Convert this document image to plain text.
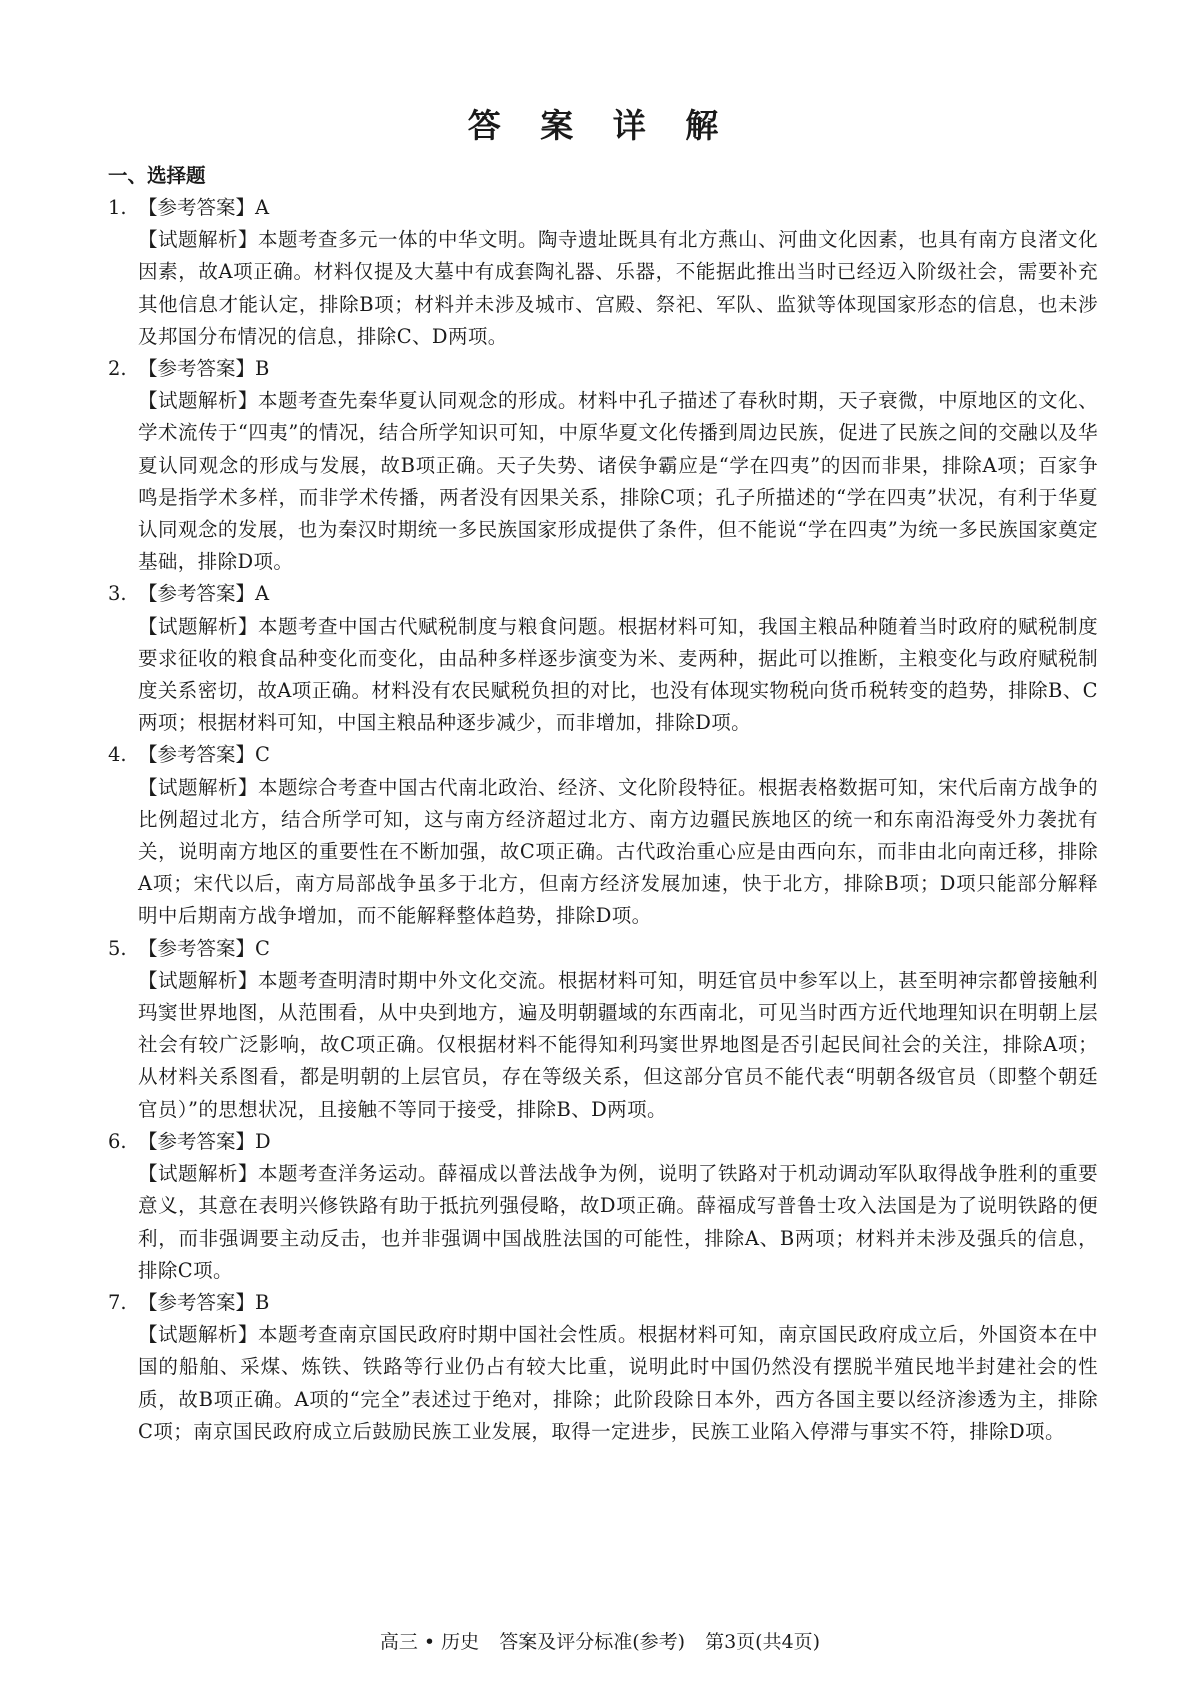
答 案 详 解
一、选择题
1. 【参考答案】A
【试题解析】本题考查多元一体的中华文明。陶寺遗址既具有北方燕山、河曲文化因素，也具有南方良渚文化因素，故A项正确。材料仅提及大墓中有成套陶礼器、乐器，不能据此推出当时已经迈入阶级社会，需要补充其他信息才能认定，排除B项；材料并未涉及城市、宫殿、祭祀、军队、监狱等体现国家形态的信息，也未涉及邦国分布情况的信息，排除C、D两项。
2. 【参考答案】B
【试题解析】本题考查先秦华夏认同观念的形成。材料中孔子描述了春秋时期，天子衰微，中原地区的文化、学术流传于“四夷”的情况，结合所学知识可知，中原华夏文化传播到周边民族，促进了民族之间的交融以及华夏认同观念的形成与发展，故B项正确。天子失势、诸侯争霸应是“学在四夷”的因而非果，排除A项；百家争鸣是指学术多样，而非学术传播，两者没有因果关系，排除C项；孔子所描述的“学在四夷”状况，有利于华夏认同观念的发展，也为秦汉时期统一多民族国家形成提供了条件，但不能说“学在四夷”为统一多民族国家奠定基础，排除D项。
3. 【参考答案】A
【试题解析】本题考查中国古代赋税制度与粮食问题。根据材料可知，我国主粮品种随着当时政府的赋税制度要求征收的粮食品种变化而变化，由品种多样逐步演变为米、麦两种，据此可以推断，主粮变化与政府赋税制度关系密切，故A项正确。材料没有农民赋税负担的对比，也没有体现实物税向货币税转变的趋势，排除B、C两项；根据材料可知，中国主粮品种逐步减少，而非增加，排除D项。
4. 【参考答案】C
【试题解析】本题综合考查中国古代南北政治、经济、文化阶段特征。根据表格数据可知，宋代后南方战争的比例超过北方，结合所学可知，这与南方经济超过北方、南方边疆民族地区的统一和东南沿海受外力袭扰有关，说明南方地区的重要性在不断加强，故C项正确。古代政治重心应是由西向东，而非由北向南迁移，排除A项；宋代以后，南方局部战争虽多于北方，但南方经济发展加速，快于北方，排除B项；D项只能部分解释明中后期南方战争增加，而不能解释整体趋势，排除D项。
5. 【参考答案】C
【试题解析】本题考查明清时期中外文化交流。根据材料可知，明廷官员中参军以上，甚至明神宗都曾接触利玛窦世界地图，从范围看，从中央到地方，遍及明朝疆域的东西南北，可见当时西方近代地理知识在明朝上层社会有较广泛影响，故C项正确。仅根据材料不能得知利玛窦世界地图是否引起民间社会的关注，排除A项；从材料关系图看，都是明朝的上层官员，存在等级关系，但这部分官员不能代表“明朝各级官员（即整个朝廷官员）”的思想状况，且接触不等同于接受，排除B、D两项。
6. 【参考答案】D
【试题解析】本题考查洋务运动。薛福成以普法战争为例，说明了铁路对于机动调动军队取得战争胜利的重要意义，其意在表明兴修铁路有助于抵抗列强侵略，故D项正确。薛福成写普鲁士攻入法国是为了说明铁路的便利，而非强调要主动反击，也并非强调中国战胜法国的可能性，排除A、B两项；材料并未涉及强兵的信息，排除C项。
7. 【参考答案】B
【试题解析】本题考查南京国民政府时期中国社会性质。根据材料可知，南京国民政府成立后，外国资本在中国的船舶、采煤、炼铁、铁路等行业仍占有较大比重，说明此时中国仍然没有摆脱半殖民地半封建社会的性质，故B项正确。A项的“完全”表述过于绝对，排除；此阶段除日本外，西方各国主要以经济渗透为主，排除C项；南京国民政府成立后鼓励民族工业发展，取得一定进步，民族工业陷入停滞与事实不符，排除D项。
高三 • 历史 答案及评分标准(参考) 第3页(共4页)
